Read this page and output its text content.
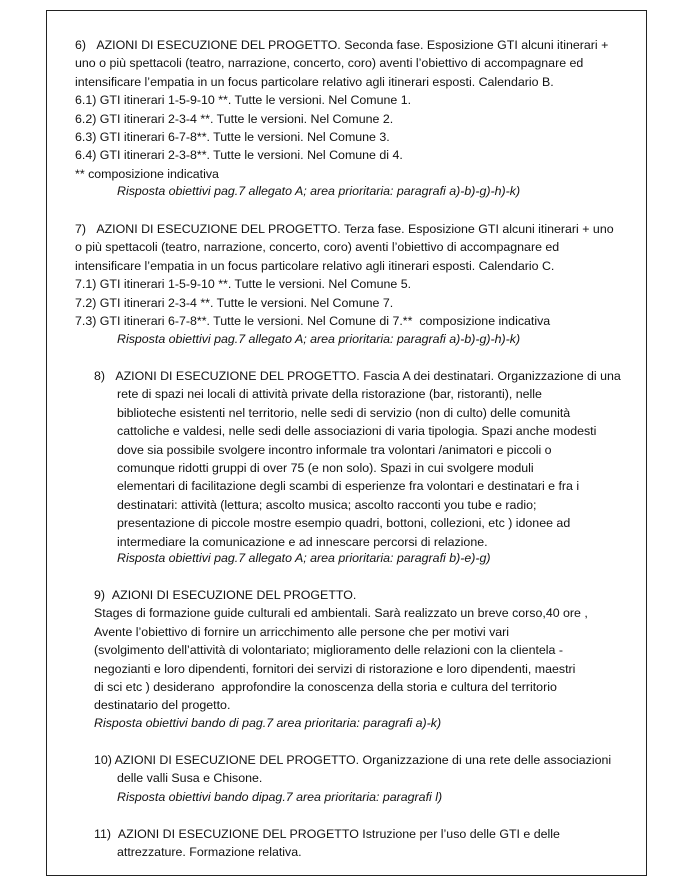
6)   AZIONI DI ESECUZIONE DEL PROGETTO. Seconda fase. Esposizione GTI alcuni itinerari +
uno o più spettacoli (teatro, narrazione, concerto, coro) aventi l’obiettivo di accompagnare ed
intensificare l’empatia in un focus particolare relativo agli itinerari esposti. Calendario B.
6.1) GTI itinerari 1-5-9-10 **. Tutte le versioni. Nel Comune 1.
6.2) GTI itinerari 2-3-4 **. Tutte le versioni. Nel Comune 2.
6.3) GTI itinerari 6-7-8**. Tutte le versioni. Nel Comune 3.
6.4) GTI itinerari 2-3-8**. Tutte le versioni. Nel Comune di 4.
** composizione indicativa
Risposta obiettivi pag.7 allegato A; area prioritaria: paragrafi a)-b)-g)-h)-k)
7)   AZIONI DI ESECUZIONE DEL PROGETTO. Terza fase. Esposizione GTI alcuni itinerari + uno
o più spettacoli (teatro, narrazione, concerto, coro) aventi l’obiettivo di accompagnare ed
intensificare l’empatia in un focus particolare relativo agli itinerari esposti. Calendario C.
7.1) GTI itinerari 1-5-9-10 **. Tutte le versioni. Nel Comune 5.
7.2) GTI itinerari 2-3-4 **. Tutte le versioni. Nel Comune 7.
7.3) GTI itinerari 6-7-8**. Tutte le versioni. Nel Comune di 7.**  composizione indicativa
Risposta obiettivi pag.7 allegato A; area prioritaria: paragrafi a)-b)-g)-h)-k)
8)   AZIONI DI ESECUZIONE DEL PROGETTO. Fascia A dei destinatari. Organizzazione di una
rete di spazi nei locali di attività private della ristorazione (bar, ristoranti), nelle
biblioteche esistenti nel territorio, nelle sedi di servizio (non di culto) delle comunità
cattoliche e valdesi, nelle sedi delle associazioni di varia tipologia. Spazi anche modesti
dove sia possibile svolgere incontro informale tra volontari /animatori e piccoli o
comunque ridotti gruppi di over 75 (e non solo). Spazi in cui svolgere moduli
elementari di facilitazione degli scambi di esperienze fra volontari e destinatari e fra i
destinatari: attività (lettura; ascolto musica; ascolto racconti you tube e radio;
presentazione di piccole mostre esempio quadri, bottoni, collezioni, etc ) idonee ad
intermediare la comunicazione e ad innescare percorsi di relazione.
Risposta obiettivi pag.7 allegato A; area prioritaria: paragrafi b)-e)-g)
9)  AZIONI DI ESECUZIONE DEL PROGETTO.
Stages di formazione guide culturali ed ambientali. Sarà realizzato un breve corso,40 ore ,
Avente l’obiettivo di fornire un arricchimento alle persone che per motivi vari
(svolgimento dell’attività di volontariato; miglioramento delle relazioni con la clientela -
negozianti e loro dipendenti, fornitori dei servizi di ristorazione e loro dipendenti, maestri
di sci etc ) desiderano  approfondire la conoscenza della storia e cultura del territorio
destinatario del progetto.
Risposta obiettivi bando di pag.7 area prioritaria: paragrafi a)-k)
10) AZIONI DI ESECUZIONE DEL PROGETTO. Organizzazione di una rete delle associazioni
delle valli Susa e Chisone.
Risposta obiettivi bando dipag.7 area prioritaria: paragrafi l)
11)  AZIONI DI ESECUZIONE DEL PROGETTO Istruzione per l’uso delle GTI e delle
attrezzature. Formazione relativa.
